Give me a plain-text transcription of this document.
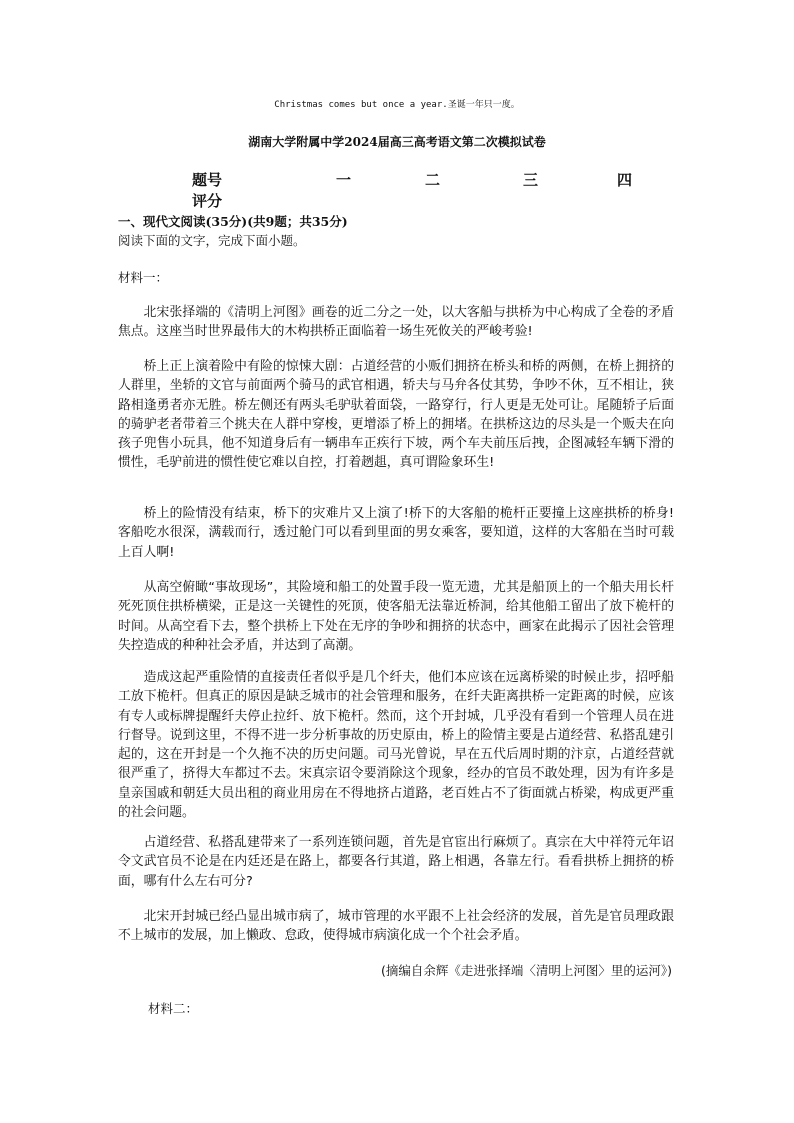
Christmas comes but once a year.圣诞一年只一度。
湖南大学附属中学2024届高三高考语文第二次模拟试卷
题号	一	二	三	四
评分
一、现代文阅读(35分)(共9题；共35分)
阅读下面的文字，完成下面小题。
材料一：

北宋张择端的《清明上河图》画卷的近二分之一处，以大客船与拱桥为中心构成了全卷的矛盾焦点。这座当时世界最伟大的木构拱桥正面临着一场生死攸关的严峻考验!

桥上正上演着险中有险的惊悚大剧：占道经营的小贩们拥挤在桥头和桥的两侧，在桥上拥挤的人群里，坐轿的文官与前面两个骑马的武官相遇，轿夫与马弁各仗其势，争吵不休，互不相让，狭路相逢勇者亦无胜。桥左侧还有两头毛驴驮着面袋，一路穿行，行人更是无处可让。尾随轿子后面的骑驴老者带着三个挑夫在人群中穿梭，更增添了桥上的拥堵。在拱桥这边的尽头是一个贩夫在向孩子兜售小玩具，他不知道身后有一辆串车正疾行下坡，两个车夫前压后拽，企图减轻车辆下滑的惯性，毛驴前进的惯性使它难以自控，打着趔趄，真可谓险象环生!

桥上的险情没有结束，桥下的灾难片又上演了!桥下的大客船的桅杆正要撞上这座拱桥的桥身!客船吃水很深，满载而行，透过舱门可以看到里面的男女乘客，要知道，这样的大客船在当时可载上百人啊!

从高空俯瞰“事故现场”，其险境和船工的处置手段一览无遗，尤其是船顶上的一个船夫用长杆死死顶住拱桥横梁，正是这一关键性的死顶，使客船无法靠近桥洞，给其他船工留出了放下桅杆的时间。从高空看下去，整个拱桥上下处在无序的争吵和拥挤的状态中，画家在此揭示了因社会管理失控造成的种种社会矛盾，并达到了高潮。

造成这起严重险情的直接责任者似乎是几个纤夫，他们本应该在远离桥梁的时候止步，招呼船工放下桅杆。但真正的原因是缺乏城市的社会管理和服务，在纤夫距离拱桥一定距离的时候，应该有专人或标牌提醒纤夫停止拉纤、放下桅杆。然而，这个开封城，几乎没有看到一个管理人员在进行督导。说到这里，不得不进一步分析事故的历史原由，桥上的险情主要是占道经营、私搭乱建引起的，这在开封是一个久拖不决的历史问题。司马光曾说，早在五代后周时期的汴京，占道经营就很严重了，挤得大车都过不去。宋真宗诏令要消除这个现象，经办的官员不敢处理，因为有许多是皇亲国戚和朝廷大员出租的商业用房在不得地挤占道路，老百姓占不了街面就占桥梁，构成更严重的社会问题。

占道经营、私搭乱建带来了一系列连锁问题，首先是官宦出行麻烦了。真宗在大中祥符元年诏令文武官员不论是在内廷还是在路上，都要各行其道，路上相遇，各靠左行。看看拱桥上拥挤的桥面，哪有什么左右可分?

北宋开封城已经凸显出城市病了，城市管理的水平跟不上社会经济的发展，首先是官员理政跟不上城市的发展，加上懒政、怠政，使得城市病演化成一个个社会矛盾。

(摘编自余辉《走进张择端〈清明上河图〉里的运河》)
材料二：
